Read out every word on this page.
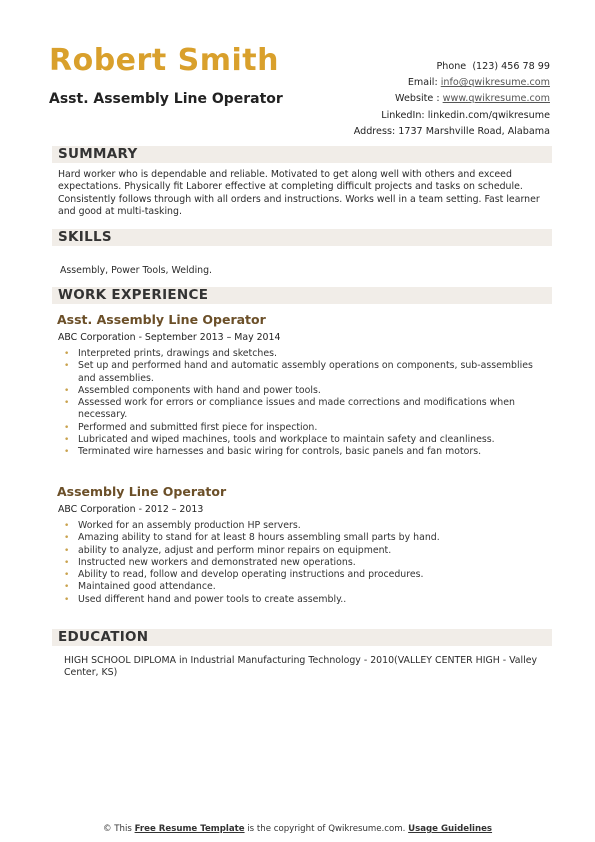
Robert Smith
Asst. Assembly Line Operator
Phone (123) 456 78 99
Email: info@qwikresume.com
Website : www.qwikresume.com
LinkedIn: linkedin.com/qwikresume
Address: 1737 Marshville Road, Alabama
SUMMARY

Hard worker who is dependable and reliable. Motivated to get along well with others and exceed expectations. Physically fit Laborer effective at completing difficult projects and tasks on schedule. Consistently follows through with all orders and instructions. Works well in a team setting. Fast learner and good at multi-tasking.

SKILLS

Assembly, Power Tools, Welding.

WORK EXPERIENCE
Asst. Assembly Line Operator
ABC Corporation - September 2013 – May 2014
• Interpreted prints, drawings and sketches.
• Set up and performed hand and automatic assembly operations on components, sub-assemblies and assemblies.
• Assembled components with hand and power tools.
• Assessed work for errors or compliance issues and made corrections and modifications when necessary.
• Performed and submitted first piece for inspection.
• Lubricated and wiped machines, tools and workplace to maintain safety and cleanliness.
• Terminated wire harnesses and basic wiring for controls, basic panels and fan motors.
Assembly Line Operator
ABC Corporation - 2012 – 2013
• Worked for an assembly production HP servers.
• Amazing ability to stand for at least 8 hours assembling small parts by hand.
• ability to analyze, adjust and perform minor repairs on equipment.
• Instructed new workers and demonstrated new operations.
• Ability to read, follow and develop operating instructions and procedures.
• Maintained good attendance.
• Used different hand and power tools to create assembly..
EDUCATION

HIGH SCHOOL DIPLOMA in Industrial Manufacturing Technology - 2010(VALLEY CENTER HIGH - Valley Center, KS)

© This Free Resume Template is the copyright of Qwikresume.com. Usage Guidelines
